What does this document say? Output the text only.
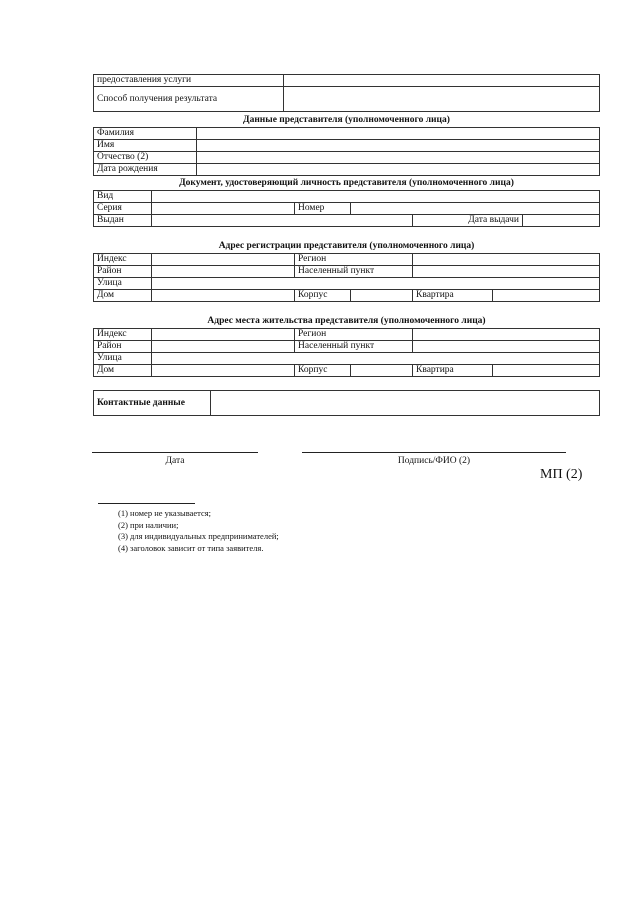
предоставления услуги	
Способ получения результата	
Данные представителя (уполномоченного лица)
Фамилия	
Имя	
Отчество (2)	
Дата рождения	
Документ, удостоверяющий личность представителя (уполномоченного лица)
Вид					
Серия		Номер			
Выдан				Дата выдачи	
Адрес регистрации представителя (уполномоченного лица)
Индекс		Регион			
Район		Населенный пункт			
Улица					
Дом		Корпус		Квартира	
Адрес места жительства представителя (уполномоченного лица)
Индекс		Регион			
Район		Населенный пункт			
Улица					
Дом		Корпус		Квартира	
Контактные данные	
Дата	Подпись/ФИО (2)
МП (2)
(1) номер не указывается;
(2) при наличии;
(3) для индивидуальных предпринимателей;
(4) заголовок зависит от типа заявителя.
